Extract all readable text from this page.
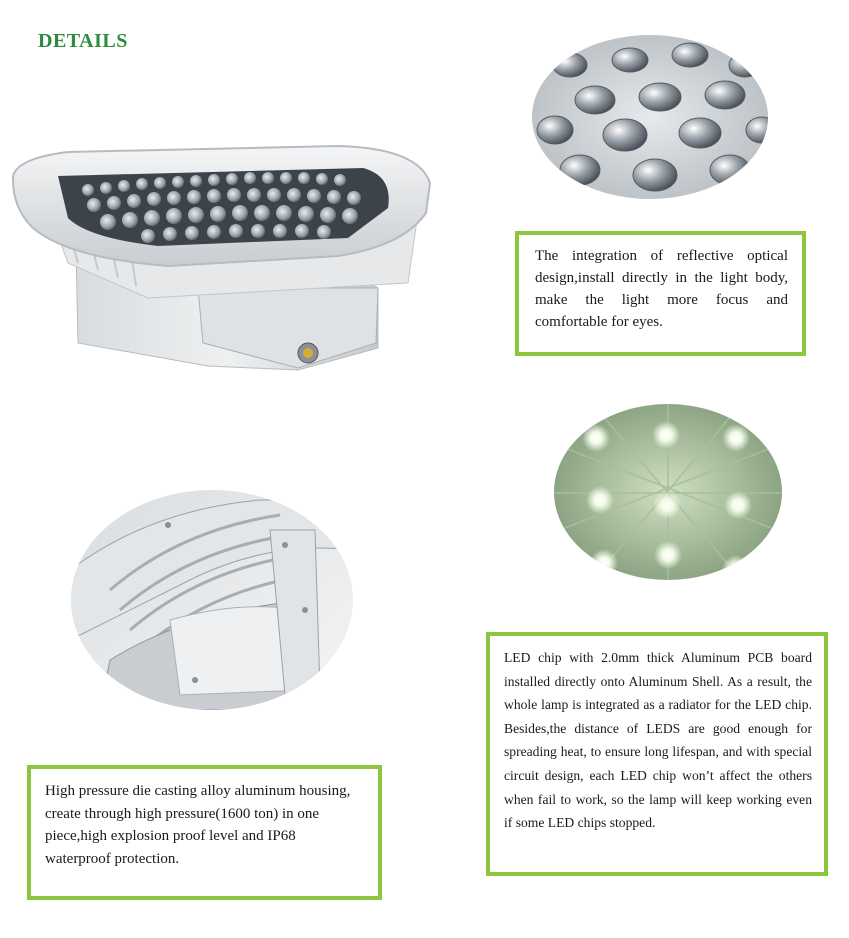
DETAILS

The integration of reflective optical design,install directly in the light body, make the light more focus and comfortable for eyes.

LED chip with 2.0mm thick Aluminum PCB board installed directly onto Aluminum Shell. As a result, the whole lamp is integrated as a radiator for the LED chip. Besides,the distance of LEDS are good enough for spreading heat, to ensure long lifespan, and with special circuit design, each LED chip won’t affect the others when fail to work, so the lamp will keep working even if some LED chips stopped.

High pressure die casting alloy aluminum housing, create through high pressure(1600 ton) in one piece,high explosion proof level and IP68 waterproof protection.
